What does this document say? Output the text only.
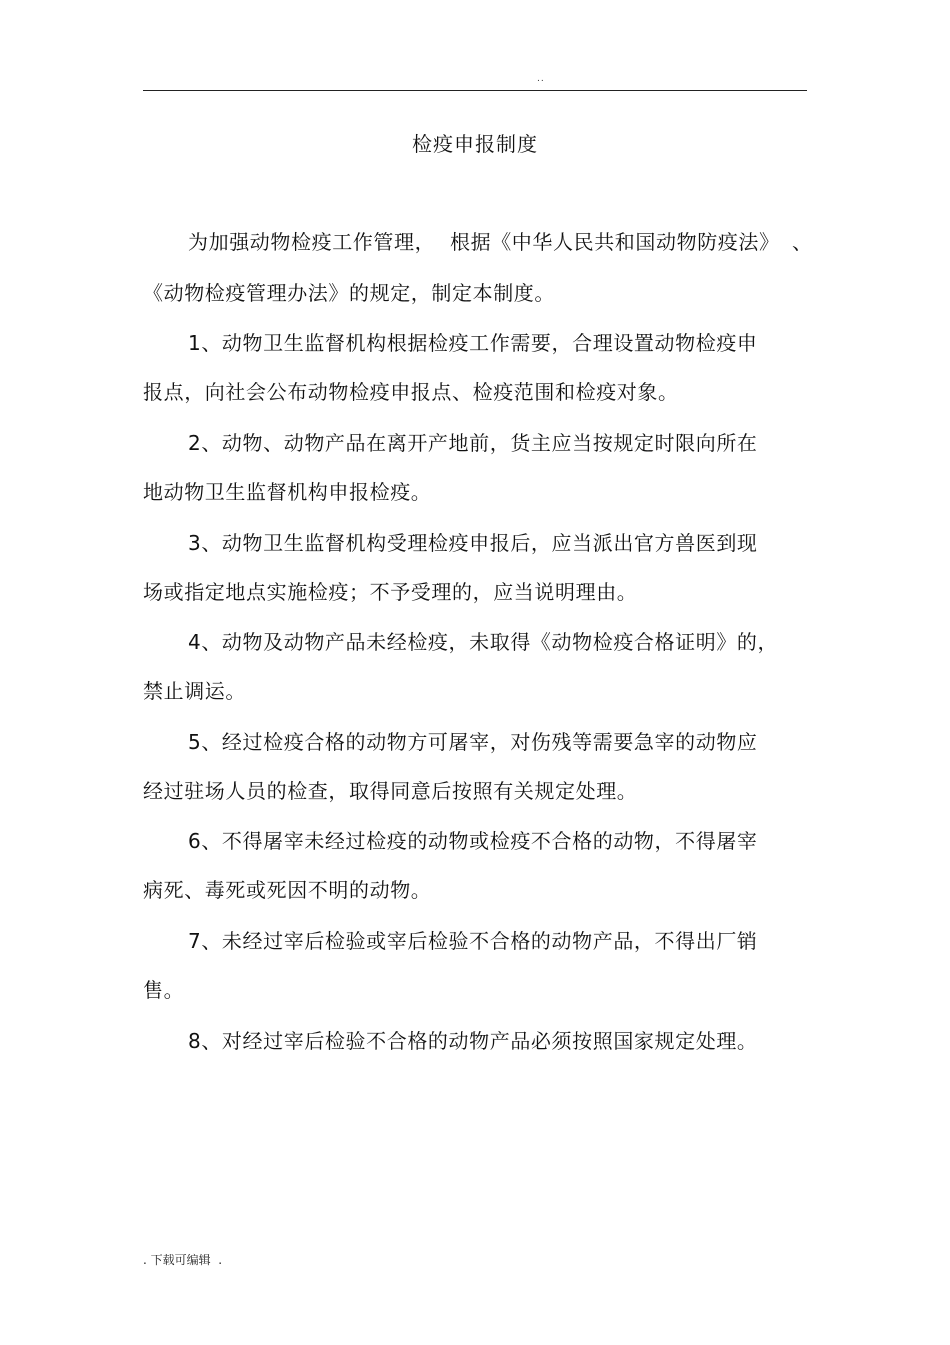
..
检疫申报制度
为加强动物检疫工作管理， 根据《中华人民共和国动物防疫法》 、
《动物检疫管理办法》的规定，制定本制度。
1、动物卫生监督机构根据检疫工作需要，合理设置动物检疫申
报点，向社会公布动物检疫申报点、检疫范围和检疫对象。
2、动物、动物产品在离开产地前，货主应当按规定时限向所在
地动物卫生监督机构申报检疫。
3、动物卫生监督机构受理检疫申报后，应当派出官方兽医到现
场或指定地点实施检疫；不予受理的，应当说明理由。
4、动物及动物产品未经检疫，未取得《动物检疫合格证明》的，
禁止调运。
5、经过检疫合格的动物方可屠宰，对伤残等需要急宰的动物应
经过驻场人员的检查，取得同意后按照有关规定处理。
6、不得屠宰未经过检疫的动物或检疫不合格的动物，不得屠宰
病死、毒死或死因不明的动物。
7、未经过宰后检验或宰后检验不合格的动物产品，不得出厂销
售。
8、对经过宰后检验不合格的动物产品必须按照国家规定处理。
. 下载可编辑  .
